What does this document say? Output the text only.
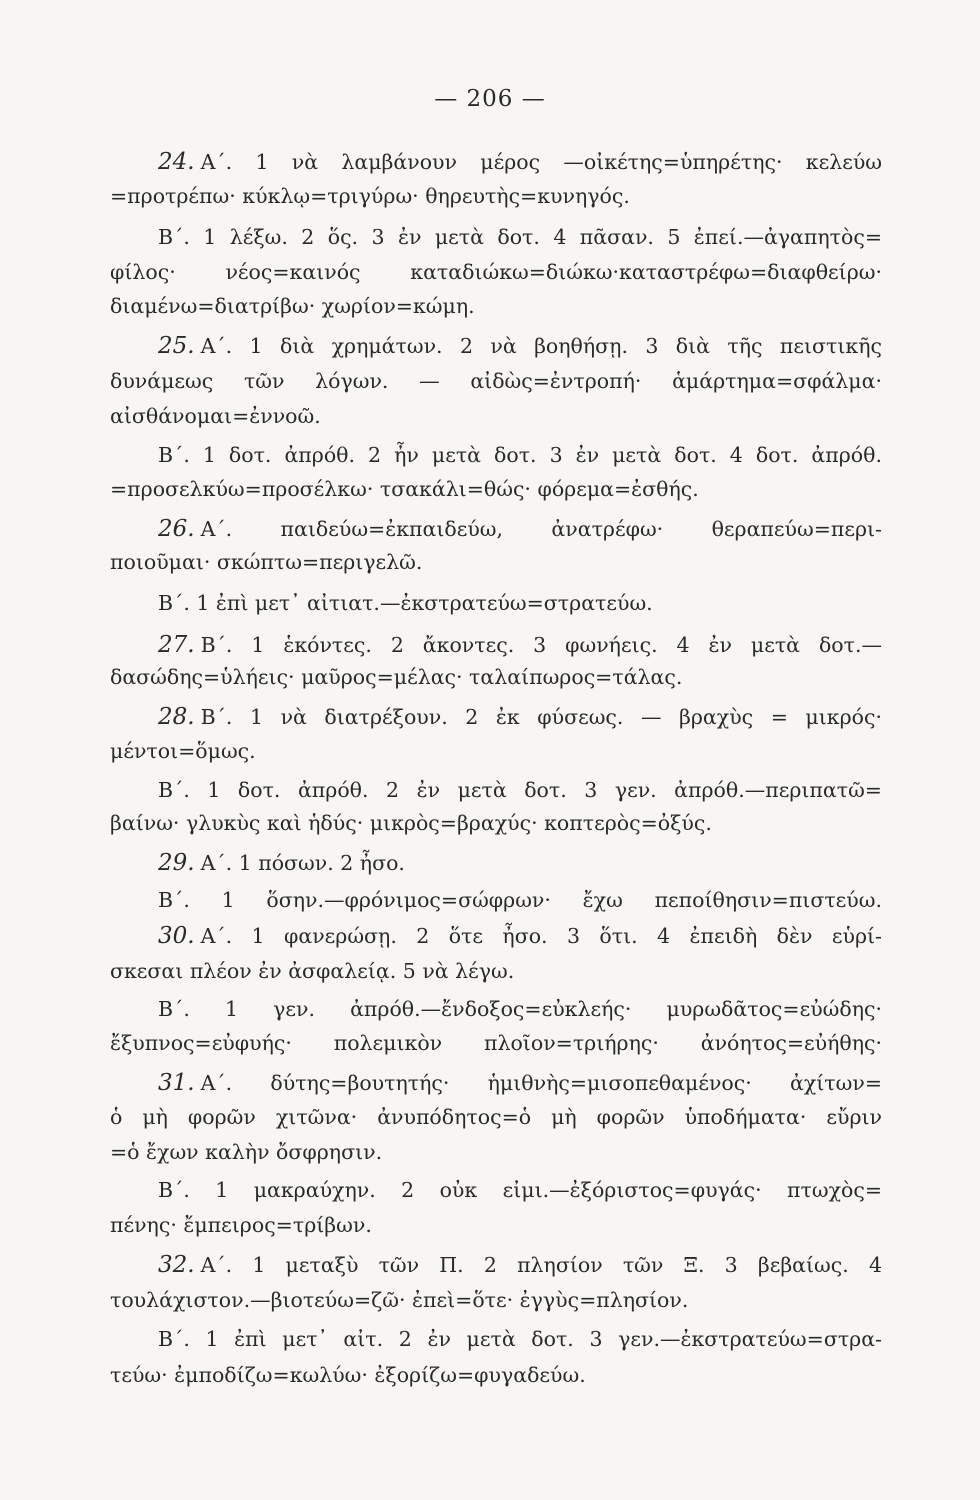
— 206 —
24. Α΄. 1 νὰ λαμβάνουν μέρος —οἰκέτης=ὑπηρέτης· κελεύω
=προτρέπω· κύκλῳ=τριγύρω· θηρευτὴς=κυνηγός.
Β΄. 1 λέξω. 2 ὅς. 3 ἐν μετὰ δοτ. 4 πᾶσαν. 5 ἐπεί.—ἀγαπητὸς=
φίλος· νέος=καινός καταδιώκω=διώκω·καταστρέφω=διαφθείρω·
διαμένω=διατρίβω· χωρίον=κώμη.
25. Α΄. 1 διὰ χρημάτων. 2 νὰ βοηθήσῃ. 3 διὰ τῆς πειστικῆς
δυνάμεως τῶν λόγων. — αἰδὼς=ἐντροπή· ἁμάρτημα=σφάλμα·
αἰσθάνομαι=ἐννοῶ.
Β΄. 1 δοτ. ἀπρόθ. 2 ἦν μετὰ δοτ. 3 ἐν μετὰ δοτ. 4 δοτ. ἀπρόθ.
=προσελκύω=προσέλκω· τσακάλι=θώς· φόρεμα=ἐσθής.
26. Α΄. παιδεύω=ἐκπαιδεύω, ἀνατρέφω· θεραπεύω=περι-
ποιοῦμαι· σκώπτω=περιγελῶ.
Β΄. 1 ἐπὶ μετ᾽ αἰτιατ.—ἐκστρατεύω=στρατεύω.
27. Β΄. 1 ἑκόντες. 2 ἄκοντες. 3 φωνήεις. 4 ἐν μετὰ δοτ.—
δασώδης=ὑλήεις· μαῦρος=μέλας· ταλαίπωρος=τάλας.
28. Β΄. 1 νὰ διατρέξουν. 2 ἐκ φύσεως. — βραχὺς = μικρός·
μέντοι=ὅμως.
Β΄. 1 δοτ. ἀπρόθ. 2 ἐν μετὰ δοτ. 3 γεν. ἀπρόθ.—περιπατῶ=
βαίνω· γλυκὺς καὶ ἡδύς· μικρὸς=βραχύς· κοπτερὸς=ὀξύς.
29. Α΄. 1 πόσων. 2 ἦσο.
Β΄. 1 ὅσην.—φρόνιμος=σώφρων· ἔχω πεποίθησιν=πιστεύω.
30. Α΄. 1 φανερώσῃ. 2 ὅτε ἦσο. 3 ὅτι. 4 ἐπειδὴ δὲν εὑρί-
σκεσαι πλέον ἐν ἀσφαλείᾳ. 5 νὰ λέγω.
Β΄. 1 γεν. ἀπρόθ.—ἔνδοξος=εὐκλεής· μυρωδᾶτος=εὐώδης·
ἔξυπνος=εὐφυής· πολεμικὸν πλοῖον=τριήρης· ἀνόητος=εὐήθης·
31. Α΄. δύτης=βουτητής· ἡμιθνὴς=μισοπεθαμένος· ἀχίτων=
ὁ μὴ φορῶν χιτῶνα· ἀνυπόδητος=ὁ μὴ φορῶν ὑποδήματα· εὔριν
=ὁ ἔχων καλὴν ὄσφρησιν.
Β΄. 1 μακραύχην. 2 οὐκ εἰμι.—ἐξόριστος=φυγάς· πτωχὸς=
πένης· ἔμπειρος=τρίβων.
32. Α΄. 1 μεταξὺ τῶν Π. 2 πλησίον τῶν Ξ. 3 βεβαίως. 4
τουλάχιστον.—βιοτεύω=ζῶ· ἐπεὶ=ὅτε· ἐγγὺς=πλησίον.
Β΄. 1 ἐπὶ μετ᾽ αἰτ. 2 ἐν μετὰ δοτ. 3 γεν.—ἐκστρατεύω=στρα-
τεύω· ἐμποδίζω=κωλύω· ἐξορίζω=φυγαδεύω.
